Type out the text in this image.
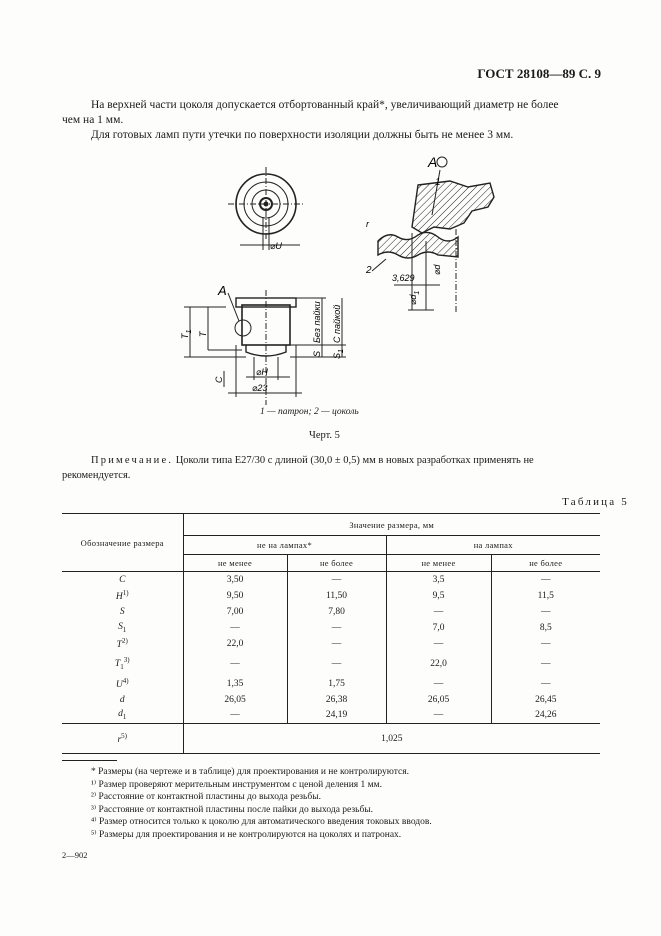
ГОСТ 28108—89 С. 9
На верхней части цоколя допускается отбортованный край*, увеличивающий диаметр не более
чем на 1 мм.
Для готовых ламп пути утечки по поверхности изоляции должны быть не менее 3 мм.
A
1
2
r
3,629
⌀d
$⌀d_1$
⌀U
A
⌀H
⌀23
C
T
$T_1$
S $S_1$
Без пайки С пайкой
1 — патрон; 2 — цоколь
Черт. 5
Примечание. Цоколи типа Е27/30 с длиной (30,0 ± 0,5) мм в новых разработках применять не
рекомендуется.
Таблица 5
Обозначение размера	Значение размера, мм			
	не на лампах*		на лампах	
	не менее	не более	не менее	не более
C	3,50	—	3,5	—
$H^{1)}$	9,50	11,50	9,5	11,5
S	7,00	7,80	—	—
$S_1$	—	—	7,0	8,5
$T^{2)}$	22,0	—	—	—
$T_1^{3)}$	—	—	22,0	—
$U^{4)}$	1,35	1,75	—	—
d	26,05	26,38	26,05	26,45
$d_1$	—	24,19	—	24,26
$r^{5)}$	1,025			
* Размеры (на чертеже и в таблице) для проектирования и не контролируются.
¹⁾ Размер проверяют мерительным инструментом с ценой деления 1 мм.
²⁾ Расстояние от контактной пластины до выхода резьбы.
³⁾ Расстояние от контактной пластины после пайки до выхода резьбы.
⁴⁾ Размер относится только к цоколю для автоматического введения токовых вводов.
⁵⁾ Размеры для проектирования и не контролируются на цоколях и патронах.
2—902
